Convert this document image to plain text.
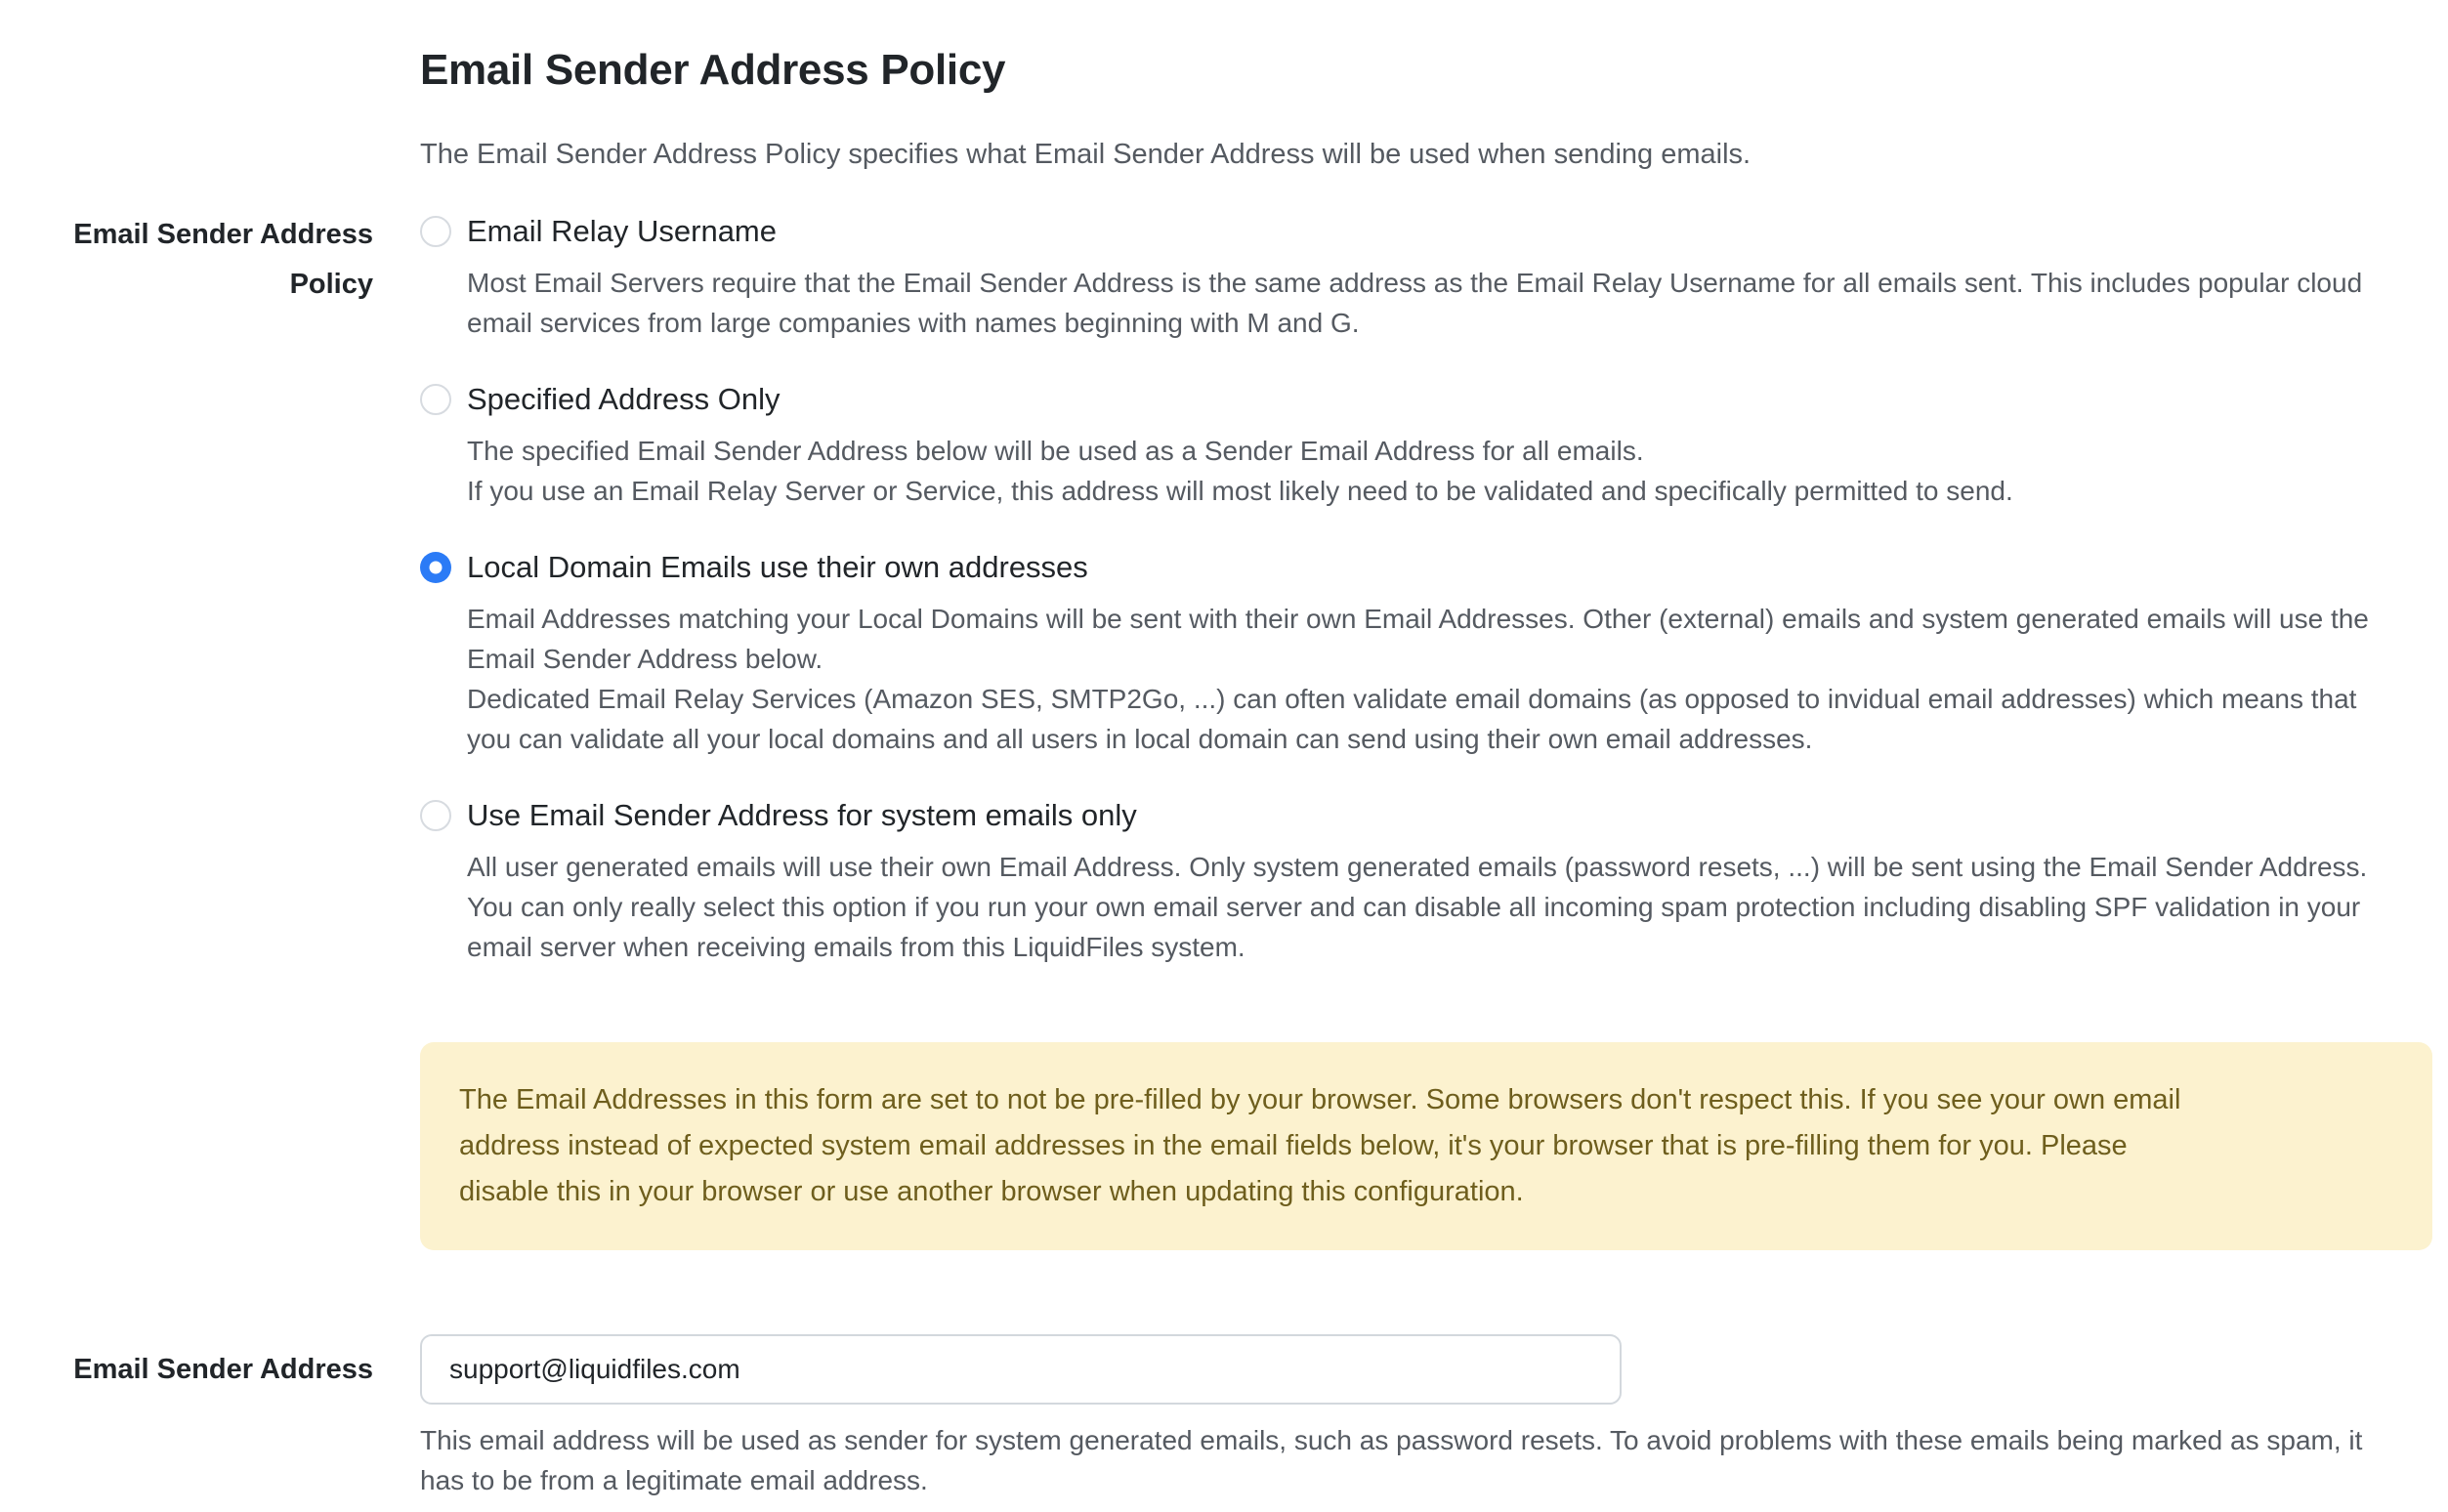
Email Sender Address Policy

The Email Sender Address Policy specifies what Email Sender Address will be used when sending emails.

Email Sender Address Policy
Email Relay Username

Most Email Servers require that the Email Sender Address is the same address as the Email Relay Username for all emails sent. This includes popular cloud

email services from large companies with names beginning with M and G.

Specified Address Only

The specified Email Sender Address below will be used as a Sender Email Address for all emails.

If you use an Email Relay Server or Service, this address will most likely need to be validated and specifically permitted to send.

Local Domain Emails use their own addresses

Email Addresses matching your Local Domains will be sent with their own Email Addresses. Other (external) emails and system generated emails will use the

Email Sender Address below.

Dedicated Email Relay Services (Amazon SES, SMTP2Go, ...) can often validate email domains (as opposed to invidual email addresses) which means that

you can validate all your local domains and all users in local domain can send using their own email addresses.

Use Email Sender Address for system emails only

All user generated emails will use their own Email Address. Only system generated emails (password resets, ...) will be sent using the Email Sender Address.

You can only really select this option if you run your own email server and can disable all incoming spam protection including disabling SPF validation in your

email server when receiving emails from this LiquidFiles system.

The Email Addresses in this form are set to not be pre-filled by your browser. Some browsers don't respect this. If you see your own email

address instead of expected system email addresses in the email fields below, it's your browser that is pre-filling them for you. Please

disable this in your browser or use another browser when updating this configuration.

Email Sender Address
support@liquidfiles.com

This email address will be used as sender for system generated emails, such as password resets. To avoid problems with these emails being marked as spam, it

has to be from a legitimate email address.
